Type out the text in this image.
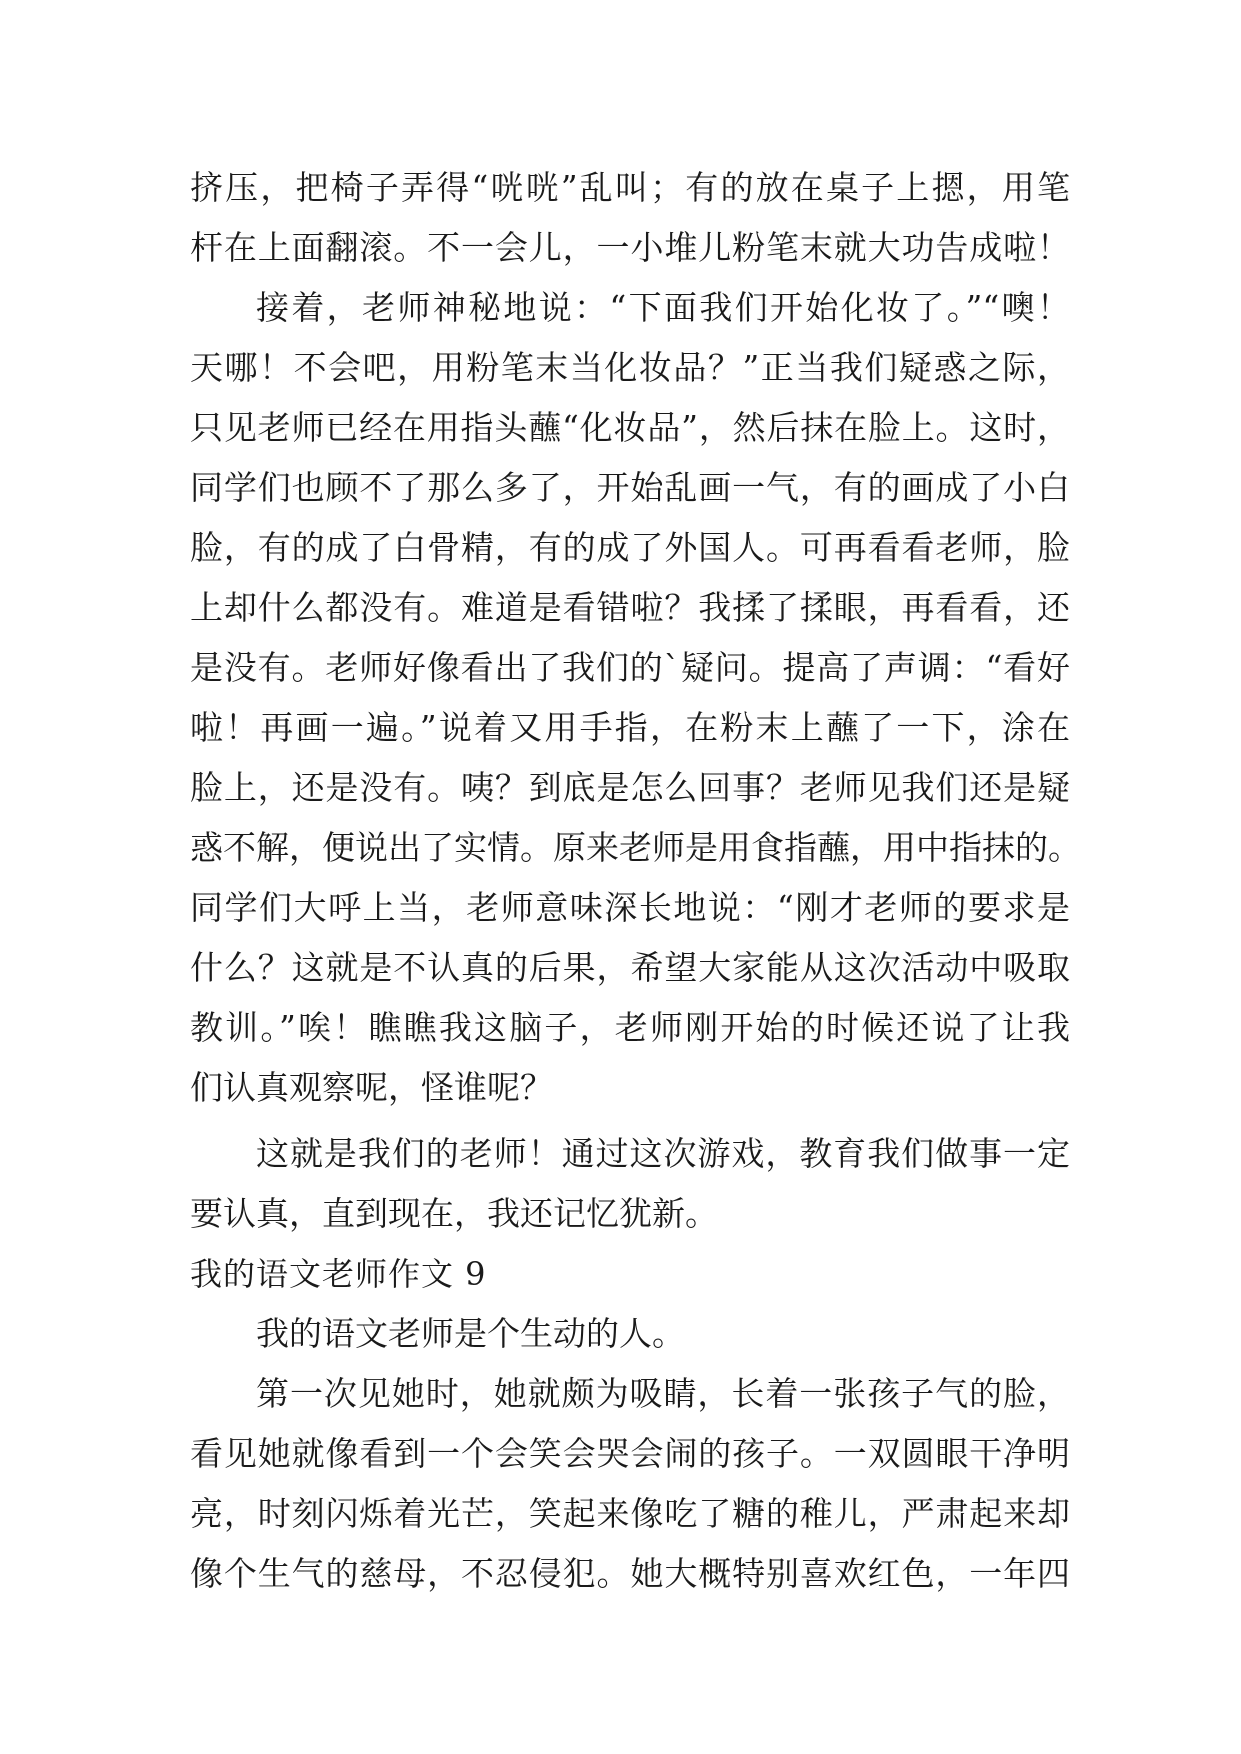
挤压，把椅子弄得“咣咣”乱叫；有的放在桌子上摁，用笔
杆在上面翻滚。不一会儿，一小堆儿粉笔末就大功告成啦！
接着，老师神秘地说：“下面我们开始化妆了。”“噢！
天哪！不会吧，用粉笔末当化妆品？”正当我们疑惑之际，
只见老师已经在用指头蘸“化妆品”，然后抹在脸上。这时，
同学们也顾不了那么多了，开始乱画一气，有的画成了小白
脸，有的成了白骨精，有的成了外国人。可再看看老师，脸
上却什么都没有。难道是看错啦？我揉了揉眼，再看看，还
是没有。老师好像看出了我们的`疑问。提高了声调：“看好
啦！再画一遍。”说着又用手指，在粉末上蘸了一下，涂在
脸上，还是没有。咦？到底是怎么回事？老师见我们还是疑
惑不解，便说出了实情。原来老师是用食指蘸，用中指抹的。
同学们大呼上当，老师意味深长地说：“刚才老师的要求是
什么？这就是不认真的后果，希望大家能从这次活动中吸取
教训。”唉！瞧瞧我这脑子，老师刚开始的时候还说了让我
们认真观察呢，怪谁呢？
这就是我们的老师！通过这次游戏，教育我们做事一定
要认真，直到现在，我还记忆犹新。
我的语文老师作文 9
我的语文老师是个生动的人。
第一次见她时，她就颇为吸睛，长着一张孩子气的脸，
看见她就像看到一个会笑会哭会闹的孩子。一双圆眼干净明
亮，时刻闪烁着光芒，笑起来像吃了糖的稚儿，严肃起来却
像个生气的慈母，不忍侵犯。她大概特别喜欢红色，一年四
